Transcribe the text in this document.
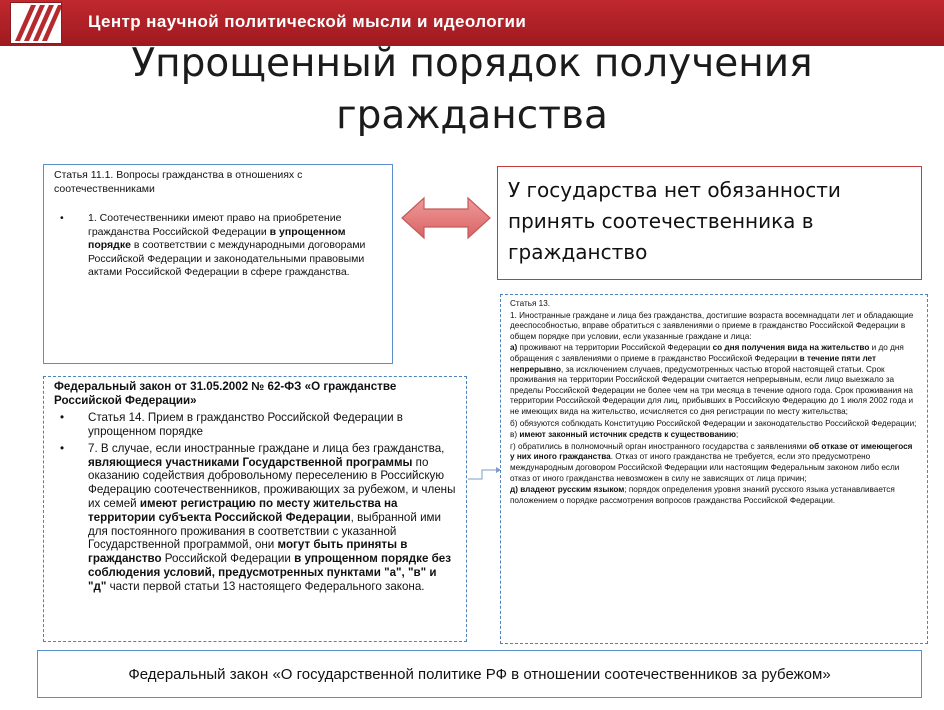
Центр научной политической мысли и идеологии
Упрощенный порядок получения
гражданства
Статья 11.1. Вопросы гражданства в отношениях с соотечественниками
• 1. Соотечественники имеют право на приобретение гражданства Российской Федерации в упрощенном порядке в соответствии с международными договорами Российской Федерации и законодательными правовыми актами Российской Федерации в сфере гражданства.

У государства нет обязанности принять соотечественника в гражданство

Федеральный закон от 31.05.2002 № 62-ФЗ «О гражданстве Российской Федерации»
• Статья 14. Прием в гражданство Российской Федерации в упрощенном порядке
• 7. В случае, если иностранные граждане и лица без гражданства, являющиеся участниками Государственной программы по оказанию содействия добровольному переселению в Российскую Федерацию соотечественников, проживающих за рубежом, и члены их семей имеют регистрацию по месту жительства на территории субъекта Российской Федерации, выбранной ими для постоянного проживания в соответствии с указанной Государственной программой, они могут быть приняты в гражданство Российской Федерации в упрощенном порядке без соблюдения условий, предусмотренных пунктами "а", "в" и "д" части первой статьи 13 настоящего Федерального закона.

Статья 13.

1. Иностранные граждане и лица без гражданства, достигшие возраста восемнадцати лет и обладающие дееспособностью, вправе обратиться с заявлениями о приеме в гражданство Российской Федерации в общем порядке при условии, если указанные граждане и лица:

а) проживают на территории Российской Федерации со дня получения вида на жительство и до дня обращения с заявлениями о приеме в гражданство Российской Федерации в течение пяти лет непрерывно, за исключением случаев, предусмотренных частью второй настоящей статьи. Срок проживания на территории Российской Федерации считается непрерывным, если лицо выезжало за пределы Российской Федерации не более чем на три месяца в течение одного года. Срок проживания на территории Российской Федерации для лиц, прибывших в Российскую Федерацию до 1 июля 2002 года и не имеющих вида на жительство, исчисляется со дня регистрации по месту жительства;

б) обязуются соблюдать Конституцию Российской Федерации и законодательство Российской Федерации;

в) имеют законный источник средств к существованию;

г) обратились в полномочный орган иностранного государства с заявлениями об отказе от имеющегося у них иного гражданства. Отказ от иного гражданства не требуется, если это предусмотрено международным договором Российской Федерации или настоящим Федеральным законом либо если отказ от иного гражданства невозможен в силу не зависящих от лица причин;

д) владеют русским языком; порядок определения уровня знаний русского языка устанавливается положением о порядке рассмотрения вопросов гражданства Российской Федерации.

Федеральный закон «О государственной политике РФ в отношении соотечественников за рубежом»
